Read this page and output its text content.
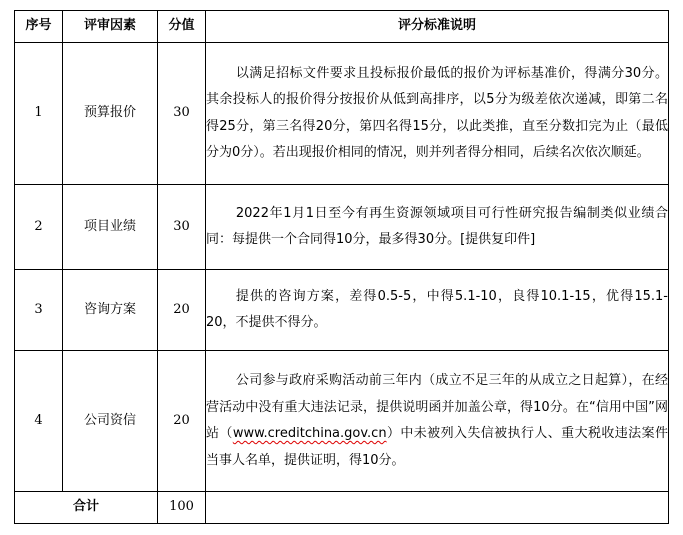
序号	评审因素	分值	评分标准说明
1	预算报价	30	以满足招标文件要求且投标报价最低的报价为评标基准价，得满分30分。其余投标人的报价得分按报价从低到高排序，以5分为级差依次递减，即第二名得25分，第三名得20分，第四名得15分，以此类推，直至分数扣完为止（最低分为0分）。若出现报价相同的情况，则并列者得分相同，后续名次依次顺延。

2	项目业绩	30	2022年1月1日至今有再生资源领域项目可行性研究报告编制类似业绩合同：每提供一个合同得10分，最多得30分。[提供复印件]

3	咨询方案	20	提供的咨询方案，差得0.5-5，中得5.1-10，良得10.1-15，优得15.1-20，不提供不得分。

4	公司资信	20	公司参与政府采购活动前三年内（成立不足三年的从成立之日起算），在经营活动中没有重大违法记录，提供说明函并加盖公章，得10分。在“信用中国”网站（www.creditchina.gov.cn）中未被列入失信被执行人、重大税收违法案件当事人名单，提供证明，得10分。

合计		100	
